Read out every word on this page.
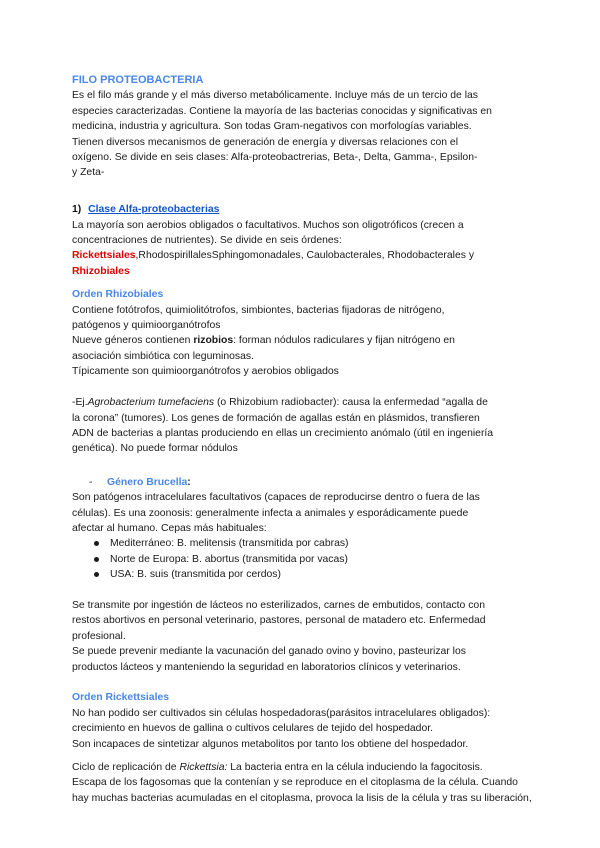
FILO PROTEOBACTERIA

Es el filo más grande y el más diverso metabólicamente. Incluye más de un tercio de las

especies caracterizadas. Contiene la mayoría de las bacterias conocidas y significativas en

medicina, industria y agricultura. Son todas Gram-negativos con morfologías variables.

Tienen diversos mecanismos de generación de energía y diversas relaciones con el

oxígeno. Se divide en seis clases: Alfa-proteobactrerias, Beta-, Delta, Gamma-, Epsilon-

y Zeta-

1) Clase Alfa-proteobacterias

La mayoría son aerobios obligados o facultativos. Muchos son oligotróficos (crecen a

concentraciones de nutrientes). Se divide en seis órdenes:

Rickettsiales,RhodospirillalesSphingomonadales, Caulobacterales, Rhodobacterales y

Rhizobiales

Orden Rhizobiales

Contiene fotótrofos, quimiolitótrofos, simbiontes, bacterias fijadoras de nitrógeno,

patógenos y quimioorganótrofos

Nueve géneros contienen rizobios: forman nódulos radiculares y fijan nitrógeno en

asociación simbiótica con leguminosas.

Típicamente son quimioorganótrofos y aerobios obligados

-Ej.Agrobacterium tumefaciens (o Rhizobium radiobacter): causa la enfermedad “agalla de

la corona” (tumores). Los genes de formación de agallas están en plásmidos, transfieren

ADN de bacterias a plantas produciendo en ellas un crecimiento anómalo (útil en ingeniería

genética). No puede formar nódulos

- Género Brucella:

Son patógenos intracelulares facultativos (capaces de reproducirse dentro o fuera de las

células). Es una zoonosis: generalmente infecta a animales y esporádicamente puede

afectar al humano. Cepas más habituales:

Mediterráneo: B. melitensis (transmitida por cabras)
Norte de Europa: B. abortus (transmitida por vacas)
USA: B. suis (transmitida por cerdos)

Se transmite por ingestión de lácteos no esterilizados, carnes de embutidos, contacto con

restos abortivos en personal veterinario, pastores, personal de matadero etc. Enfermedad

profesional.

Se puede prevenir mediante la vacunación del ganado ovino y bovino, pasteurizar los

productos lácteos y manteniendo la seguridad en laboratorios clínicos y veterinarios.

Orden Rickettsiales

No han podido ser cultivados sin células hospedadoras(parásitos intracelulares obligados):

crecimiento en huevos de gallina o cultivos celulares de tejido del hospedador.

Son incapaces de sintetizar algunos metabolitos por tanto los obtiene del hospedador.

Ciclo de replicación de Rickettsia: La bacteria entra en la célula induciendo la fagocitosis.

Escapa de los fagosomas que la contenían y se reproduce en el citoplasma de la célula. Cuando

hay muchas bacterias acumuladas en el citoplasma, provoca la lisis de la célula y tras su liberación,
